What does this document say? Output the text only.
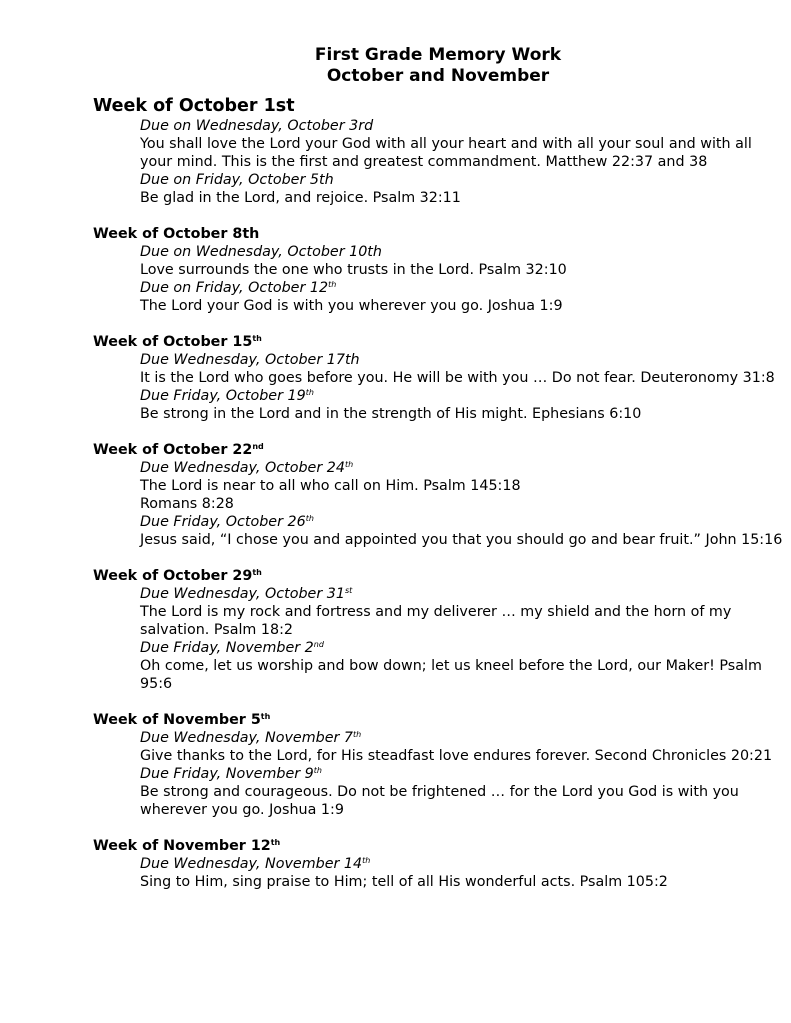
First Grade Memory Work
October and November
Week of October 1st
Due on Wednesday, October 3rd
You shall love the Lord your God with all your heart and with all your soul and with all your mind. This is the first and greatest commandment. Matthew 22:37 and 38
Due on Friday, October 5th
Be glad in the Lord, and rejoice. Psalm 32:11
Week of October 8th
Due on Wednesday, October 10th
Love surrounds the one who trusts in the Lord. Psalm 32:10
Due on Friday, October 12th
The Lord your God is with you wherever you go. Joshua 1:9
Week of October 15th
Due Wednesday, October 17th
It is the Lord who goes before you. He will be with you … Do not fear. Deuteronomy 31:8
Due Friday, October 19th
Be strong in the Lord and in the strength of His might. Ephesians 6:10
Week of October 22nd
Due Wednesday, October 24th
The Lord is near to all who call on Him. Psalm 145:18
Romans 8:28
Due Friday, October 26th
Jesus said, “I chose you and appointed you that you should go and bear fruit.” John 15:16
Week of October 29th
Due Wednesday, October 31st
The Lord is my rock and fortress and my deliverer … my shield and the horn of my salvation. Psalm 18:2
Due Friday, November 2nd
Oh come, let us worship and bow down; let us kneel before the Lord, our Maker! Psalm 95:6
Week of November 5th
Due Wednesday, November 7th
Give thanks to the Lord, for His steadfast love endures forever. Second Chronicles 20:21
Due Friday, November 9th
Be strong and courageous. Do not be frightened … for the Lord you God is with you wherever you go. Joshua 1:9
Week of November 12th
Due Wednesday, November 14th
Sing to Him, sing praise to Him; tell of all His wonderful acts. Psalm 105:2
